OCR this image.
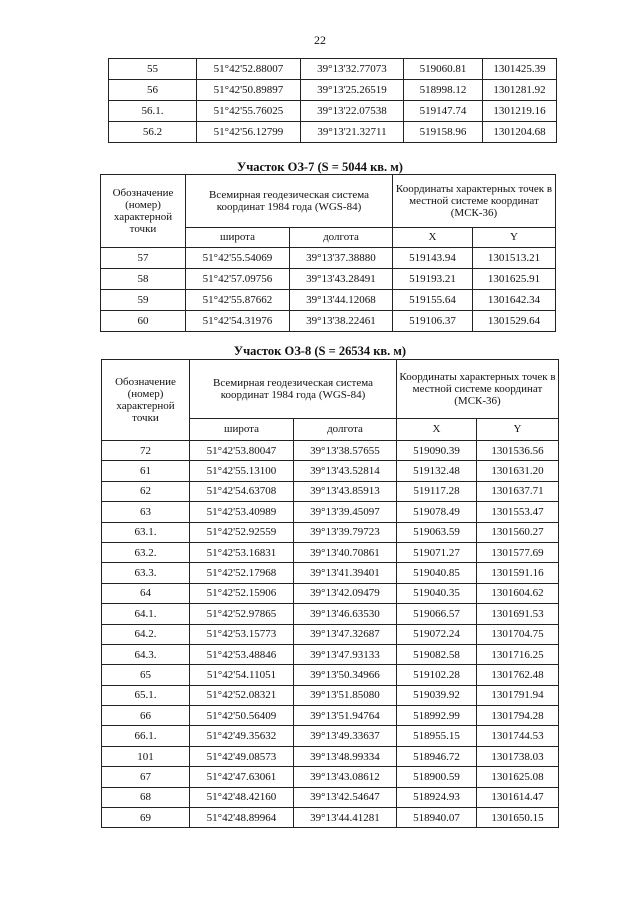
22
55	51°42'52.88007	39°13'32.77073	519060.81	1301425.39
56	51°42'50.89897	39°13'25.26519	518998.12	1301281.92
56.1.	51°42'55.76025	39°13'22.07538	519147.74	1301219.16
56.2	51°42'56.12799	39°13'21.32711	519158.96	1301204.68
Участок ОЗ-7 (S = 5044 кв. м)
Обозначение (номер) характерной точки	Всемирная геодезическая система координат 1984 года (WGS-84)		Координаты характерных точек в местной системе координат (МСК-36)	
	широта	долгота	X	Y
57	51°42'55.54069	39°13'37.38880	519143.94	1301513.21
58	51°42'57.09756	39°13'43.28491	519193.21	1301625.91
59	51°42'55.87662	39°13'44.12068	519155.64	1301642.34
60	51°42'54.31976	39°13'38.22461	519106.37	1301529.64
Участок ОЗ-8 (S = 26534 кв. м)
Обозначение (номер) характерной точки	Всемирная геодезическая система координат 1984 года (WGS-84)		Координаты характерных точек в местной системе координат (МСК-36)	
	широта	долгота	X	Y
72	51°42'53.80047	39°13'38.57655	519090.39	1301536.56
61	51°42'55.13100	39°13'43.52814	519132.48	1301631.20
62	51°42'54.63708	39°13'43.85913	519117.28	1301637.71
63	51°42'53.40989	39°13'39.45097	519078.49	1301553.47
63.1.	51°42'52.92559	39°13'39.79723	519063.59	1301560.27
63.2.	51°42'53.16831	39°13'40.70861	519071.27	1301577.69
63.3.	51°42'52.17968	39°13'41.39401	519040.85	1301591.16
64	51°42'52.15906	39°13'42.09479	519040.35	1301604.62
64.1.	51°42'52.97865	39°13'46.63530	519066.57	1301691.53
64.2.	51°42'53.15773	39°13'47.32687	519072.24	1301704.75
64.3.	51°42'53.48846	39°13'47.93133	519082.58	1301716.25
65	51°42'54.11051	39°13'50.34966	519102.28	1301762.48
65.1.	51°42'52.08321	39°13'51.85080	519039.92	1301791.94
66	51°42'50.56409	39°13'51.94764	518992.99	1301794.28
66.1.	51°42'49.35632	39°13'49.33637	518955.15	1301744.53
101	51°42'49.08573	39°13'48.99334	518946.72	1301738.03
67	51°42'47.63061	39°13'43.08612	518900.59	1301625.08
68	51°42'48.42160	39°13'42.54647	518924.93	1301614.47
69	51°42'48.89964	39°13'44.41281	518940.07	1301650.15
